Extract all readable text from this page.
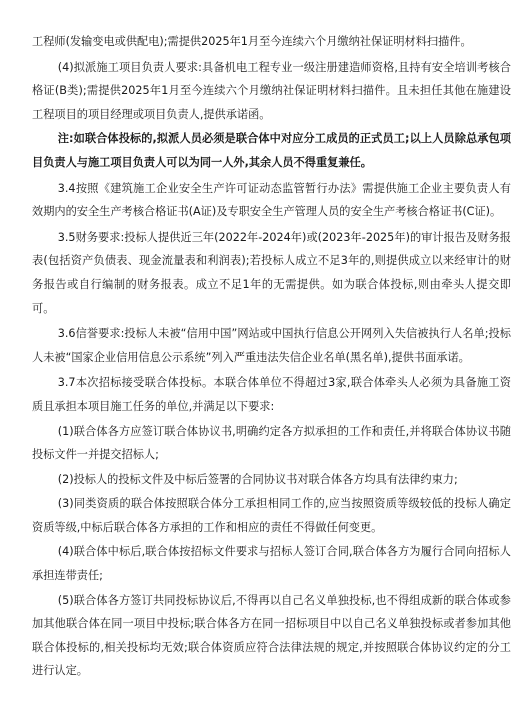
工程师(发输变电或供配电);需提供2025年1月至今连续六个月缴纳社保证明材料扫描件。

(4)拟派施工项目负责人要求:具备机电工程专业一级注册建造师资格,且持有安全培训考核合格证(B类);需提供2025年1月至今连续六个月缴纳社保证明材料扫描件。且未担任其他在施建设工程项目的项目经理或项目负责人,提供承诺函。

注:如联合体投标的,拟派人员必须是联合体中对应分工成员的正式员工;以上人员除总承包项目负责人与施工项目负责人可以为同一人外,其余人员不得重复兼任。

3.4按照《建筑施工企业安全生产许可证动态监管暂行办法》需提供施工企业主要负责人有效期内的安全生产考核合格证书(A证)及专职安全生产管理人员的安全生产考核合格证书(C证)。

3.5财务要求:投标人提供近三年(2022年-2024年)或(2023年-2025年)的审计报告及财务报表(包括资产负债表、现金流量表和利润表);若投标人成立不足3年的,则提供成立以来经审计的财务报告或自行编制的财务报表。成立不足1年的无需提供。如为联合体投标,则由牵头人提交即可。

3.6信誉要求:投标人未被“信用中国”网站或中国执行信息公开网列入失信被执行人名单;投标人未被“国家企业信用信息公示系统”列入严重违法失信企业名单(黑名单),提供书面承诺。

3.7本次招标接受联合体投标。本联合体单位不得超过3家,联合体牵头人必须为具备施工资质且承担本项目施工任务的单位,并满足以下要求:

(1)联合体各方应签订联合体协议书,明确约定各方拟承担的工作和责任,并将联合体协议书随投标文件一并提交招标人;

(2)投标人的投标文件及中标后签署的合同协议书对联合体各方均具有法律约束力;

(3)同类资质的联合体按照联合体分工承担相同工作的,应当按照资质等级较低的投标人确定资质等级,中标后联合体各方承担的工作和相应的责任不得做任何变更。

(4)联合体中标后,联合体按招标文件要求与招标人签订合同,联合体各方为履行合同向招标人承担连带责任;

(5)联合体各方签订共同投标协议后,不得再以自己名义单独投标,也不得组成新的联合体或参加其他联合体在同一项目中投标;联合体各方在同一招标项目中以自己名义单独投标或者参加其他联合体投标的,相关投标均无效;联合体资质应符合法律法规的规定,并按照联合体协议约定的分工进行认定。
